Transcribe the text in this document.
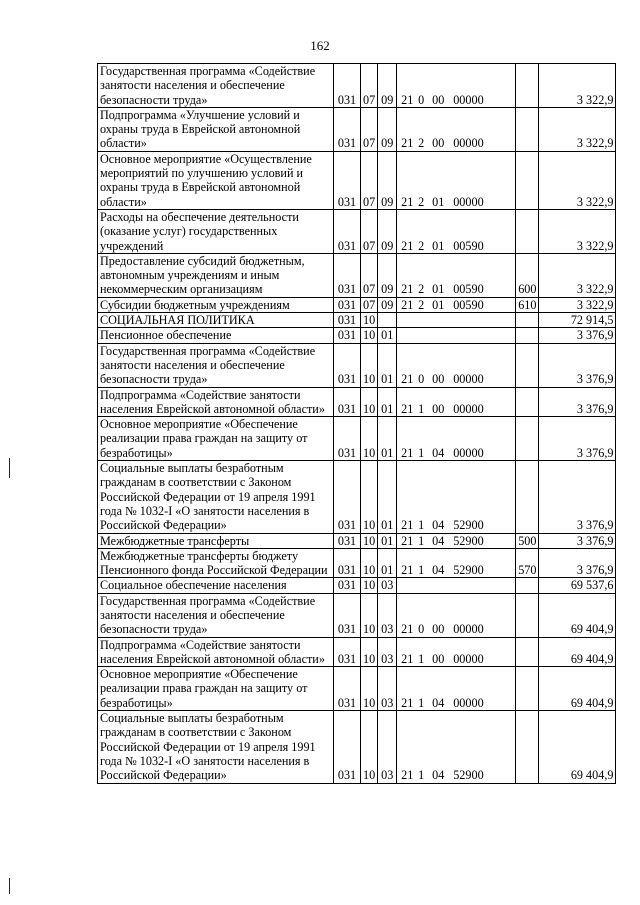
162
Государственная программа «Содействие занятости населения и обеспечение безопасности труда»	031	07	09	21 0 00 00000		3 322,9
Подпрограмма «Улучшение условий и охраны труда в Еврейской автономной области»	031	07	09	21 2 00 00000		3 322,9
Основное мероприятие «Осуществление мероприятий по улучшению условий и охраны труда в Еврейской автономной области»	031	07	09	21 2 01 00000		3 322,9
Расходы на обеспечение деятельности (оказание услуг) государственных учреждений	031	07	09	21 2 01 00590		3 322,9
Предоставление субсидий бюджетным, автономным учреждениям и иным некоммерческим организациям	031	07	09	21 2 01 00590	600	3 322,9
Субсидии бюджетным учреждениям	031	07	09	21 2 01 00590	610	3 322,9
СОЦИАЛЬНАЯ ПОЛИТИКА	031	10				72 914,5
Пенсионное обеспечение	031	10	01			3 376,9
Государственная программа «Содействие занятости населения и обеспечение безопасности труда»	031	10	01	21 0 00 00000		3 376,9
Подпрограмма «Содействие занятости населения Еврейской автономной области»	031	10	01	21 1 00 00000		3 376,9
Основное мероприятие «Обеспечение реализации права граждан на защиту от безработицы»	031	10	01	21 1 04 00000		3 376,9
Социальные выплаты безработным гражданам в соответствии с Законом Российской Федерации от 19 апреля 1991 года № 1032-I «О занятости населения в Российской Федерации»	031	10	01	21 1 04 52900		3 376,9
Межбюджетные трансферты	031	10	01	21 1 04 52900	500	3 376,9
Межбюджетные трансферты бюджету Пенсионного фонда Российской Федерации	031	10	01	21 1 04 52900	570	3 376,9
Социальное обеспечение населения	031	10	03			69 537,6
Государственная программа «Содействие занятости населения и обеспечение безопасности труда»	031	10	03	21 0 00 00000		69 404,9
Подпрограмма «Содействие занятости населения Еврейской автономной области»	031	10	03	21 1 00 00000		69 404,9
Основное мероприятие «Обеспечение реализации права граждан на защиту от безработицы»	031	10	03	21 1 04 00000		69 404,9
Социальные выплаты безработным гражданам в соответствии с Законом Российской Федерации от 19 апреля 1991 года № 1032-I «О занятости населения в Российской Федерации»	031	10	03	21 1 04 52900		69 404,9
